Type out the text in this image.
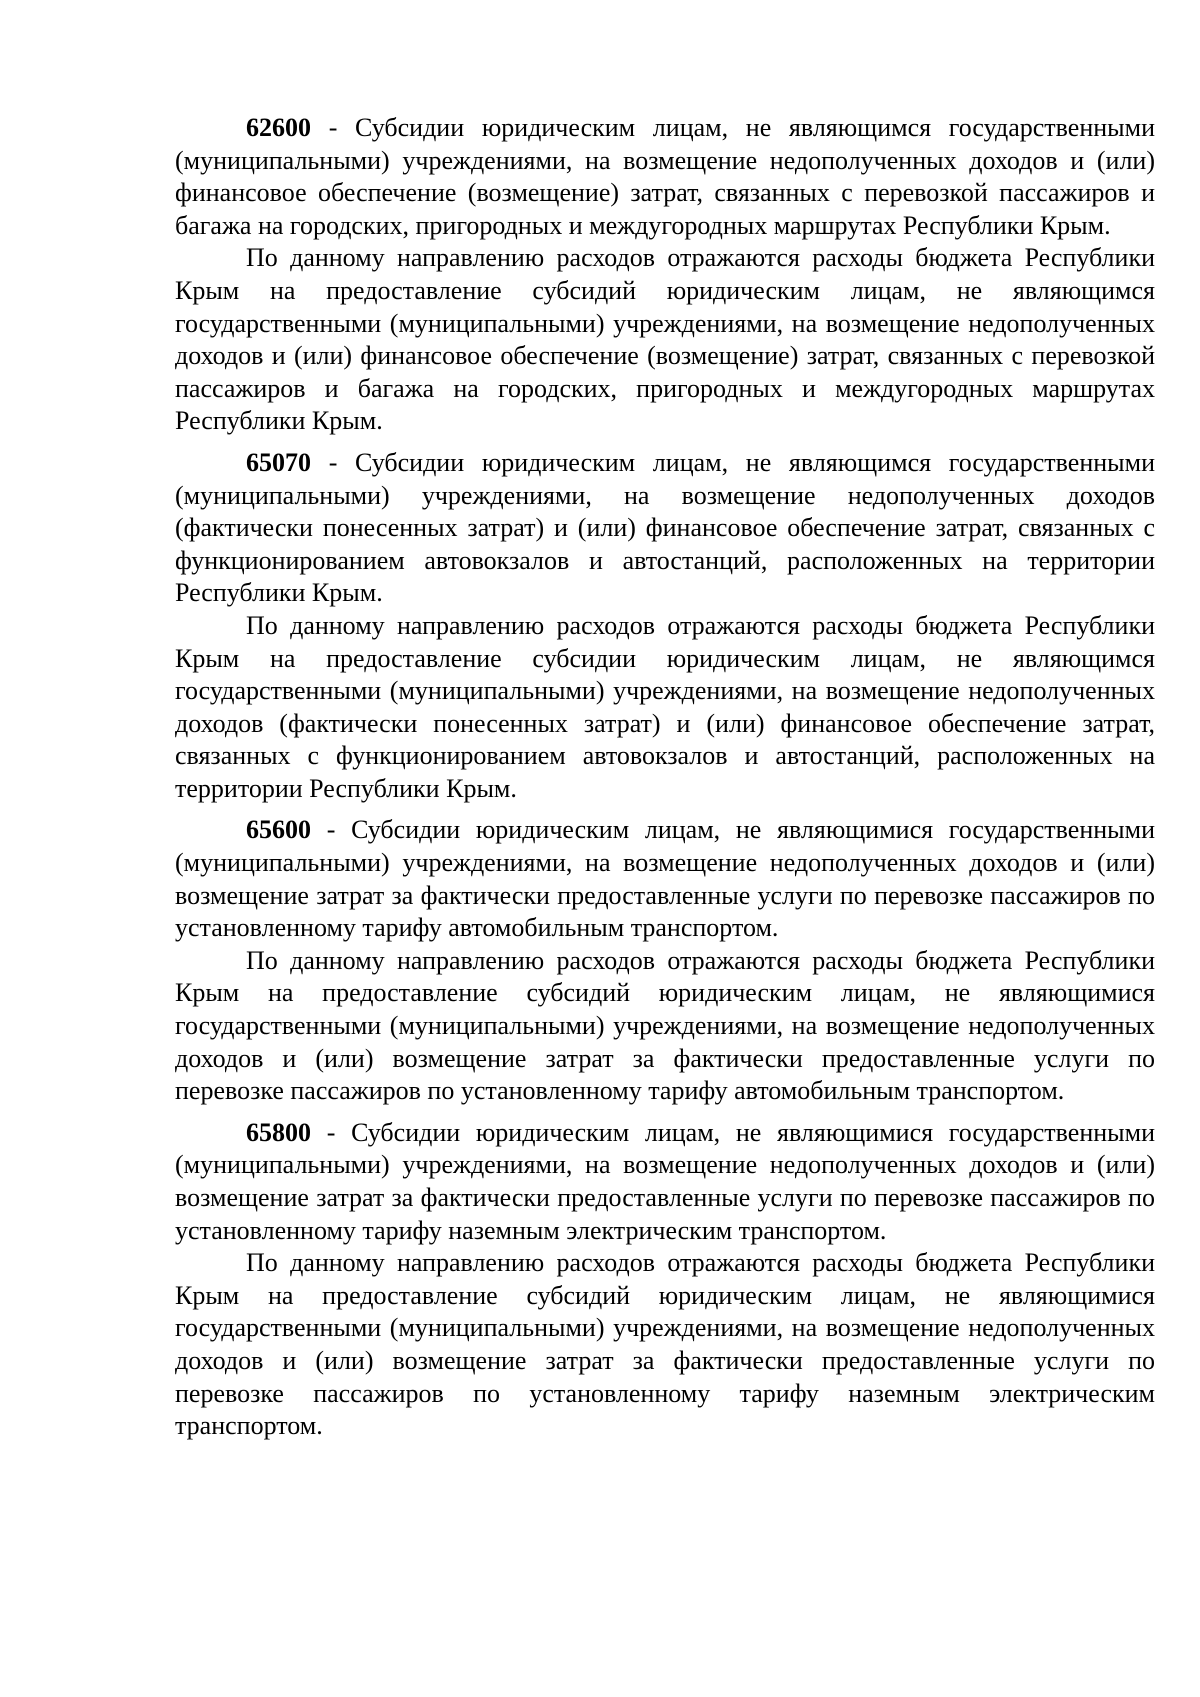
62600 - Субсидии юридическим лицам, не являющимся государственными (муниципальными) учреждениями, на возмещение недополученных доходов и (или) финансовое обеспечение (возмещение) затрат, связанных с перевозкой пассажиров и багажа на городских, пригородных и междугородных маршрутах Республики Крым.

По данному направлению расходов отражаются расходы бюджета Республики Крым на предоставление субсидий юридическим лицам, не являющимся государственными (муниципальными) учреждениями, на возмещение недополученных доходов и (или) финансовое обеспечение (возмещение) затрат, связанных с перевозкой пассажиров и багажа на городских, пригородных и междугородных маршрутах Республики Крым.

65070 - Субсидии юридическим лицам, не являющимся государственными (муниципальными) учреждениями, на возмещение недополученных доходов (фактически понесенных затрат) и (или) финансовое обеспечение затрат, связанных с функционированием автовокзалов и автостанций, расположенных на территории Республики Крым.

По данному направлению расходов отражаются расходы бюджета Республики Крым на предоставление субсидии юридическим лицам, не являющимся государственными (муниципальными) учреждениями, на возмещение недополученных доходов (фактически понесенных затрат) и (или) финансовое обеспечение затрат, связанных с функционированием автовокзалов и автостанций, расположенных на территории Республики Крым.

65600 - Субсидии юридическим лицам, не являющимися государственными (муниципальными) учреждениями, на возмещение недополученных доходов и (или) возмещение затрат за фактически предоставленные услуги по перевозке пассажиров по установленному тарифу автомобильным транспортом.

По данному направлению расходов отражаются расходы бюджета Республики Крым на предоставление субсидий юридическим лицам, не являющимися государственными (муниципальными) учреждениями, на возмещение недополученных доходов и (или) возмещение затрат за фактически предоставленные услуги по перевозке пассажиров по установленному тарифу автомобильным транспортом.

65800 - Субсидии юридическим лицам, не являющимися государственными (муниципальными) учреждениями, на возмещение недополученных доходов и (или) возмещение затрат за фактически предоставленные услуги по перевозке пассажиров по установленному тарифу наземным электрическим транспортом.

По данному направлению расходов отражаются расходы бюджета Республики Крым на предоставление субсидий юридическим лицам, не являющимися государственными (муниципальными) учреждениями, на возмещение недополученных доходов и (или) возмещение затрат за фактически предоставленные услуги по перевозке пассажиров по установленному тарифу наземным электрическим транспортом.
